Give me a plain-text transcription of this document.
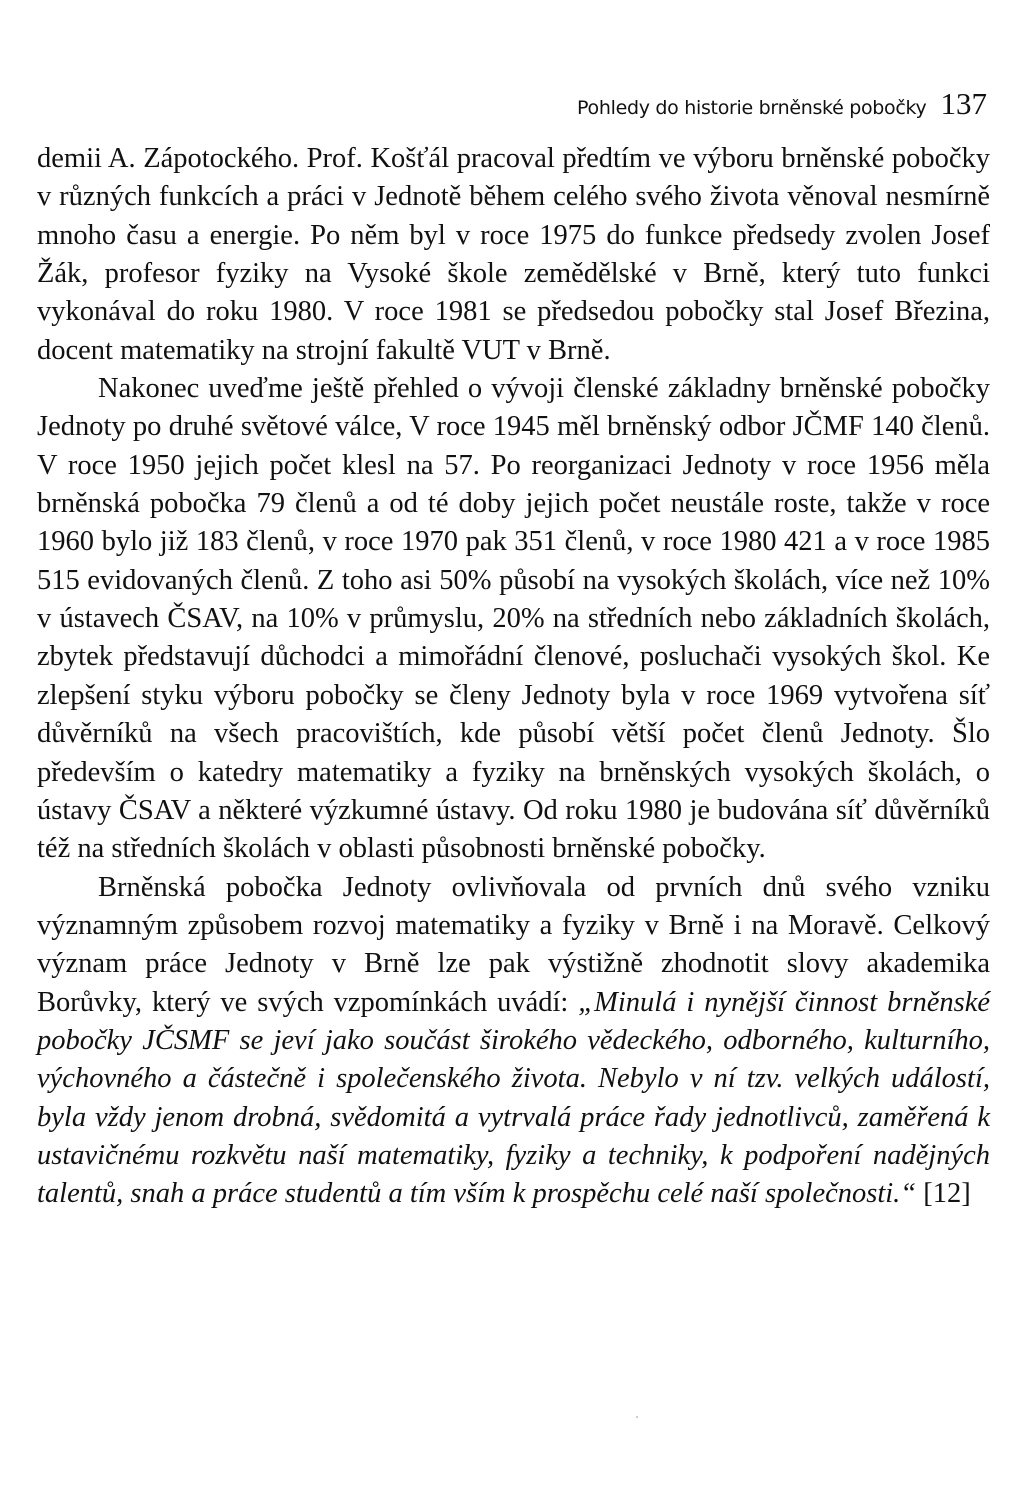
Pohledy do historie brněnské pobočky 137

demii A. Zápotockého. Prof. Košťál pracoval předtím ve výboru brněnské pobočky v různých funkcích a práci v Jednotě během celého svého života věnoval nesmírně mnoho času a energie. Po něm byl v roce 1975 do funkce předsedy zvolen Josef Žák, profesor fyziky na Vysoké škole zemědělské v Brně, který tuto funkci vykonával do roku 1980. V roce 1981 se předsedou pobočky stal Josef Březina, docent matematiky na strojní fakultě VUT v Brně.

Nakonec uveďme ještě přehled o vývoji členské základny brněnské pobočky Jednoty po druhé světové válce, V roce 1945 měl brněnský odbor JČMF 140 členů. V roce 1950 jejich počet klesl na 57. Po reorganizaci Jednoty v roce 1956 měla brněnská pobočka 79 členů a od té doby jejich počet neustále roste, takže v roce 1960 bylo již 183 členů, v roce 1970 pak 351 členů, v roce 1980 421 a v roce 1985 515 evidovaných členů. Z toho asi 50% působí na vysokých školách, více než 10% v ústavech ČSAV, na 10% v průmyslu, 20% na středních nebo základních školách, zbytek představují důchodci a mimořádní členové, posluchači vysokých škol. Ke zlepšení styku výboru pobočky se členy Jednoty byla v roce 1969 vytvořena síť důvěrníků na všech pracovištích, kde působí větší počet členů Jednoty. Šlo především o katedry matematiky a fyziky na brněnských vysokých školách, o ústavy ČSAV a některé výzkumné ústavy. Od roku 1980 je budována síť důvěrníků též na středních školách v oblasti působnosti brněnské pobočky.

Brněnská pobočka Jednoty ovlivňovala od prvních dnů svého vzniku významným způsobem rozvoj matematiky a fyziky v Brně i na Moravě. Celkový význam práce Jednoty v Brně lze pak výstižně zhodnotit slovy akademika Borůvky, který ve svých vzpomínkách uvádí: „Minulá i nynější činnost brněnské pobočky JČSMF se jeví jako součást širokého vědeckého, odborného, kulturního, výchovného a částečně i společenského života. Nebylo v ní tzv. velkých událostí, byla vždy jenom drobná, svědomitá a vytrvalá práce řady jednotlivců, zaměřená k ustavičnému rozkvětu naší matematiky, fyziky a techniky, k podpoření nadějných talentů, snah a práce studentů a tím vším k prospěchu celé naší společnosti.“ [12]
